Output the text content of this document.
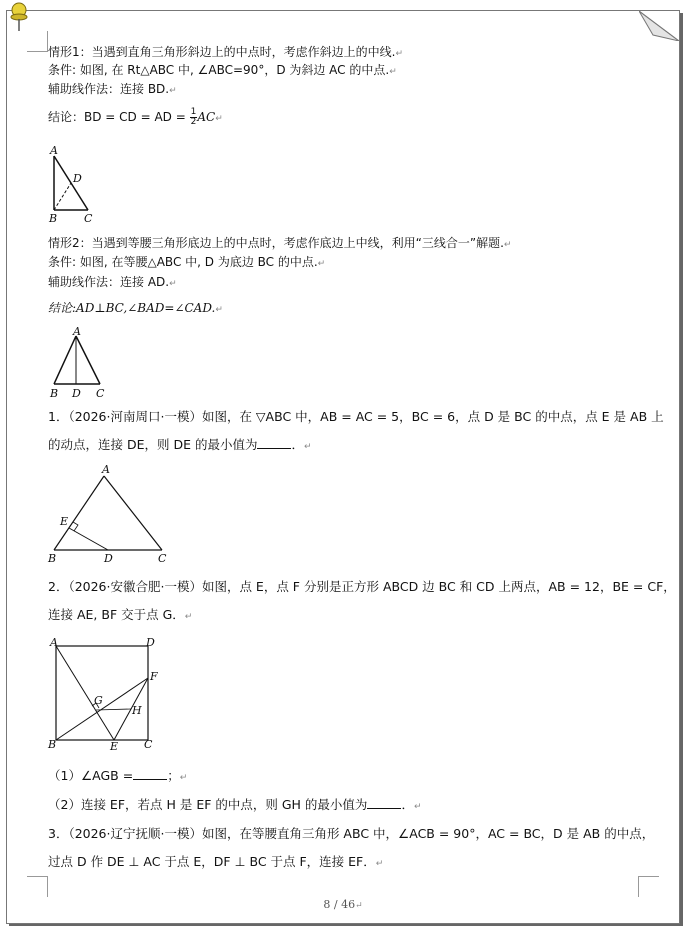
情形1：当遇到直角三角形斜边上的中点时，考虑作斜边上的中线.↵
条件: 如图, 在 Rt△ABC 中, ∠ABC=90°，D 为斜边 AC 的中点.↵
辅助线作法：连接 BD.↵
结论：BD = CD = AD = $\frac{1}{2}$ AC↵
A
D
B C
情形2：当遇到等腰三角形底边上的中点时，考虑作底边上中线，利用“三线合一”解题.↵
条件: 如图, 在等腰△ABC 中, D 为底边 BC 的中点.↵
辅助线作法：连接 AD.↵
结论:AD⊥BC,∠BAD=∠CAD.↵
A
B D C
1．（2026·河南周口·一模）如图，在 ▽ABC 中，AB = AC = 5，BC = 6，点 D 是 BC 的中点，点 E 是 AB 上
的动点，连接 DE，则 DE 的最小值为	．↵
A
E
B	D	C
2．（2026·安徽合肥·一模）如图，点 E，点 F 分别是正方形 ABCD 边 BC 和 CD 上两点，AB = 12，BE = CF，
连接 AE, BF 交于点 G．↵
A	D
F
G
H
B	E C
（1）∠AGB =	；↵
（2）连接 EF，若点 H 是 EF 的中点，则 GH 的最小值为	．↵
3．（2026·辽宁抚顺·一模）如图，在等腰直角三角形 ABC 中，∠ACB = 90°，AC = BC，D 是 AB 的中点，
过点 D 作 DE ⊥ AC 于点 E，DF ⊥ BC 于点 F，连接 EF．↵
8 / 46↵
